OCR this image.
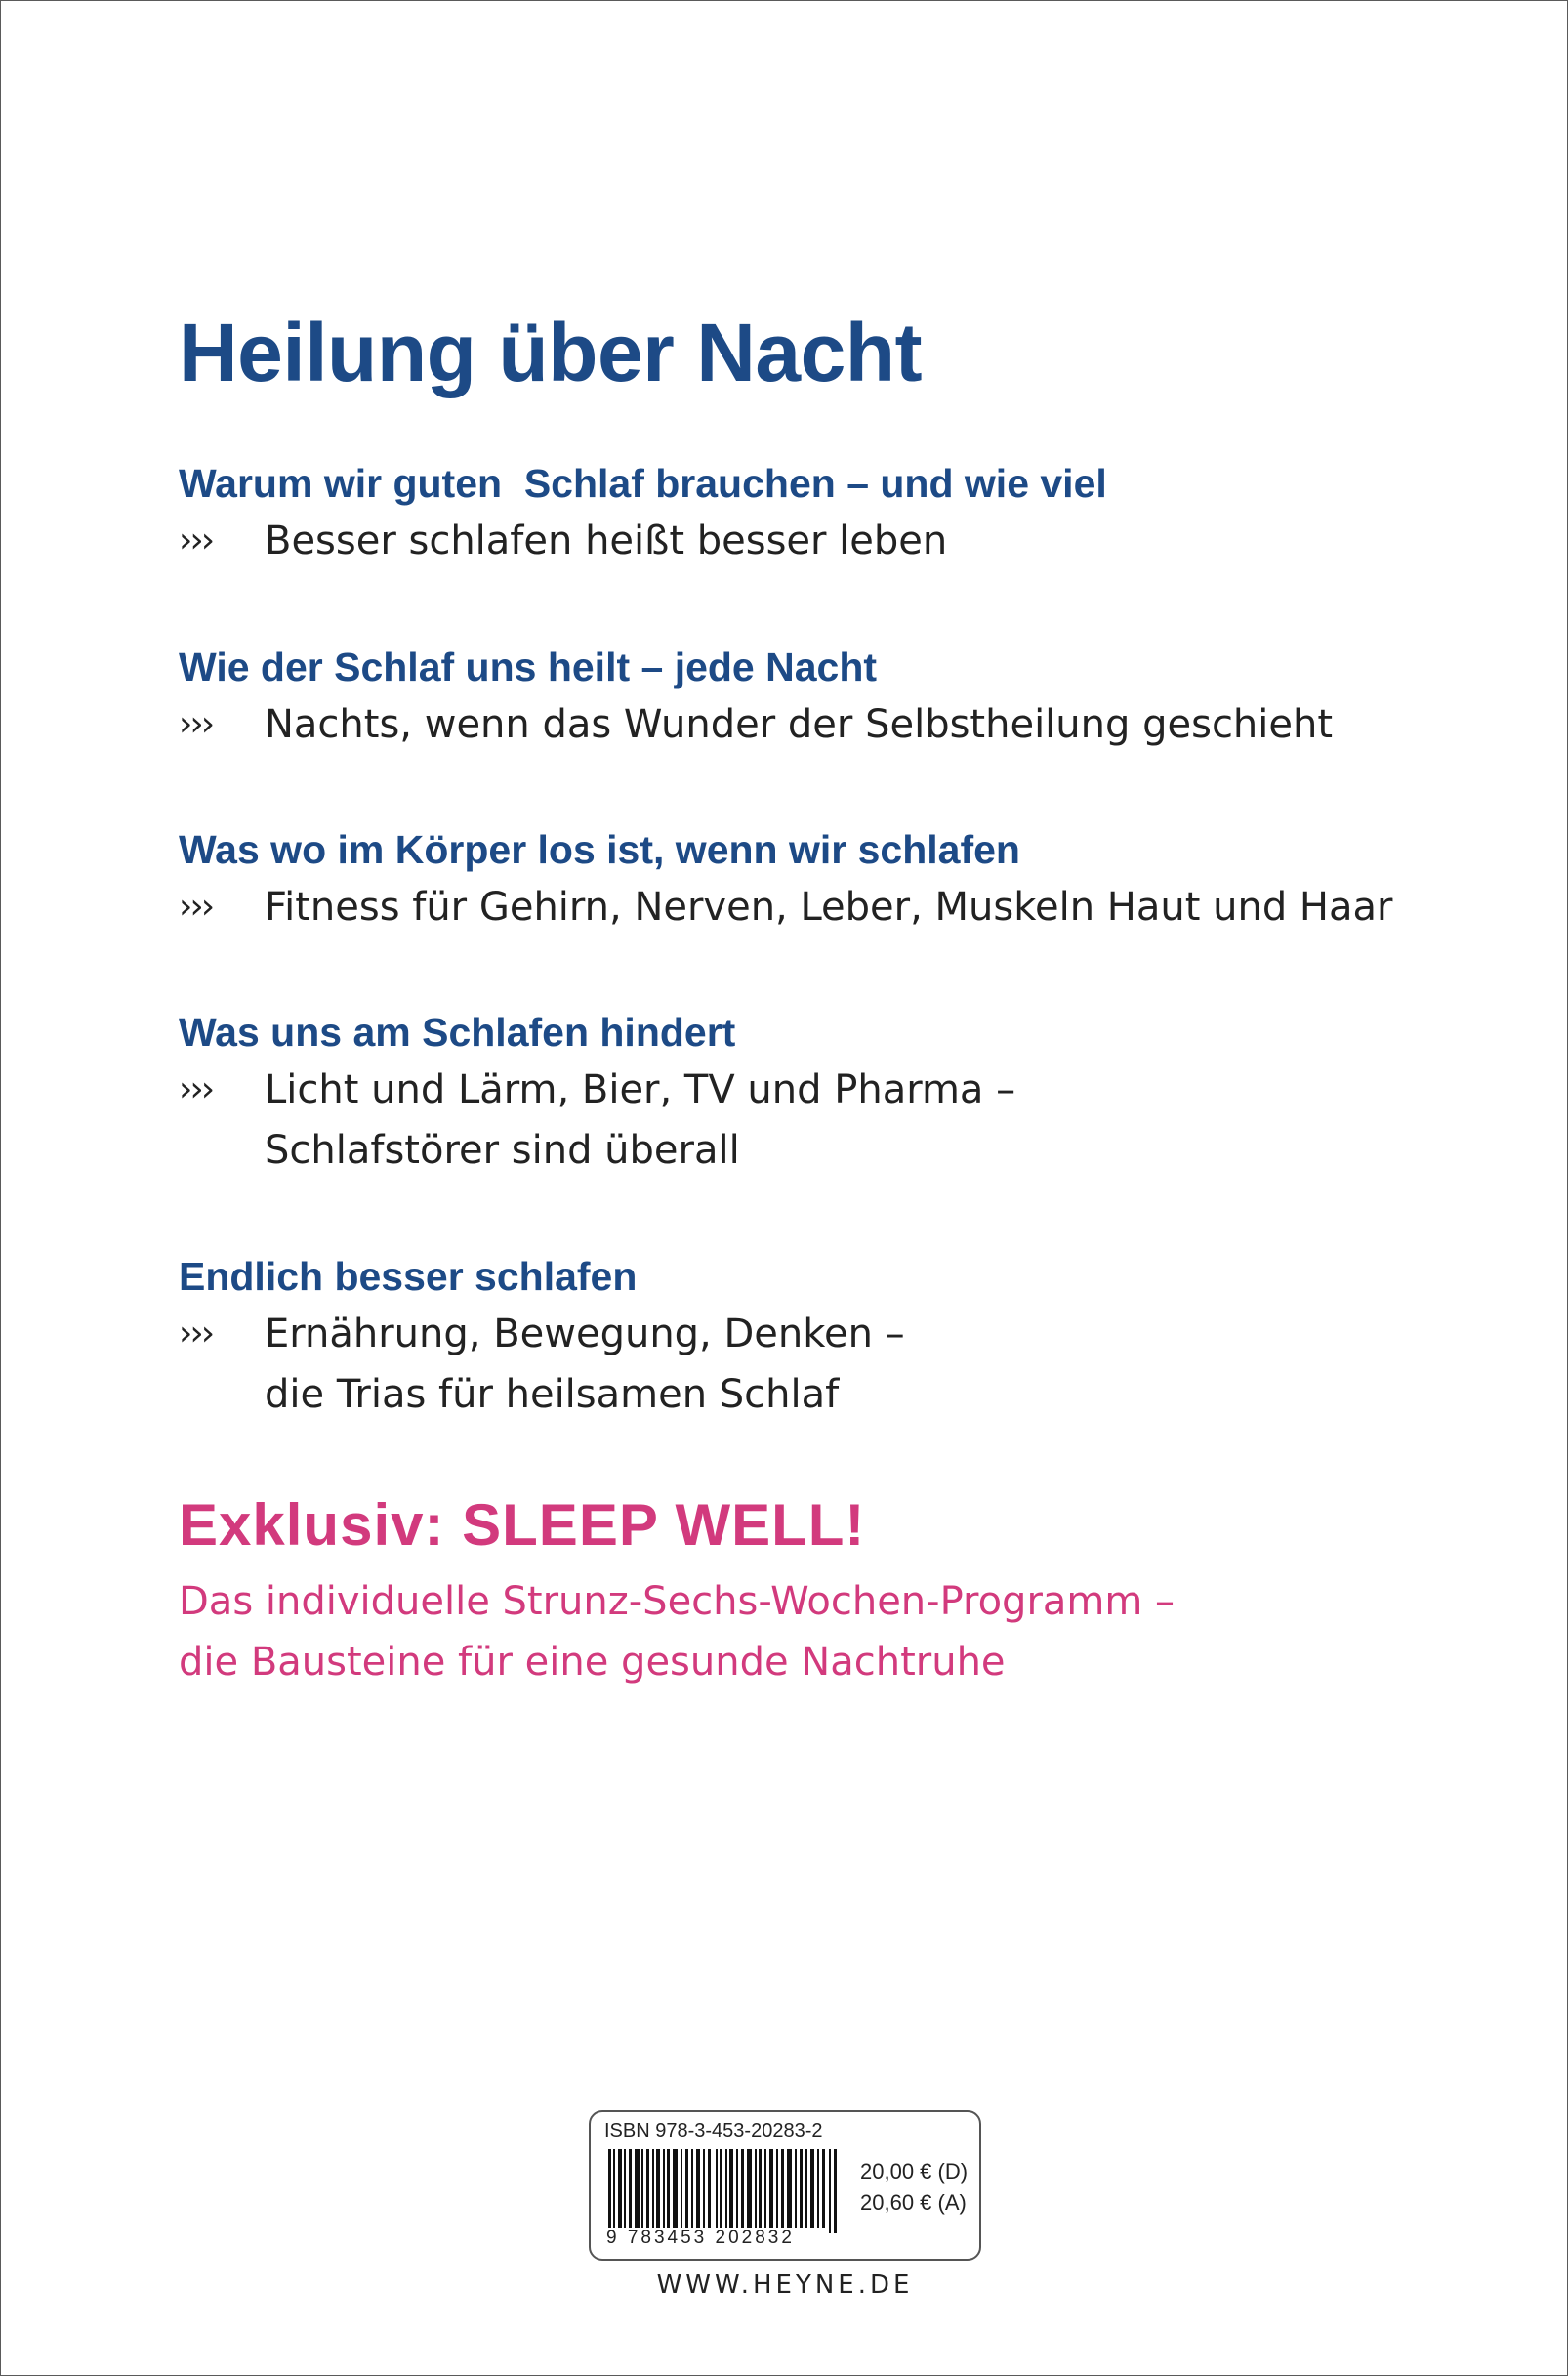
Heilung über Nacht
Warum wir guten  Schlaf brauchen – und wie viel
›››	Besser schlafen heißt besser leben
Wie der Schlaf uns heilt – jede Nacht
›››	Nachts, wenn das Wunder der Selbstheilung geschieht
Was wo im Körper los ist, wenn wir schlafen
›››	Fitness für Gehirn, Nerven, Leber, Muskeln Haut und Haar
Was uns am Schlafen hindert
›››	Licht und Lärm, Bier, TV und Pharma –
Schlafstörer sind überall
Endlich besser schlafen
›››	Ernährung, Bewegung, Denken –
die Trias für heilsamen Schlaf
Exklusiv: SLEEP WELL!
Das individuelle Strunz-Sechs-Wochen-Programm –
die Bausteine für eine gesunde Nachtruhe
ISBN 978-3-453-20283-2
9 783453 202832
20,00 € (D)
20,60 € (A)
WWW.HEYNE.DE
